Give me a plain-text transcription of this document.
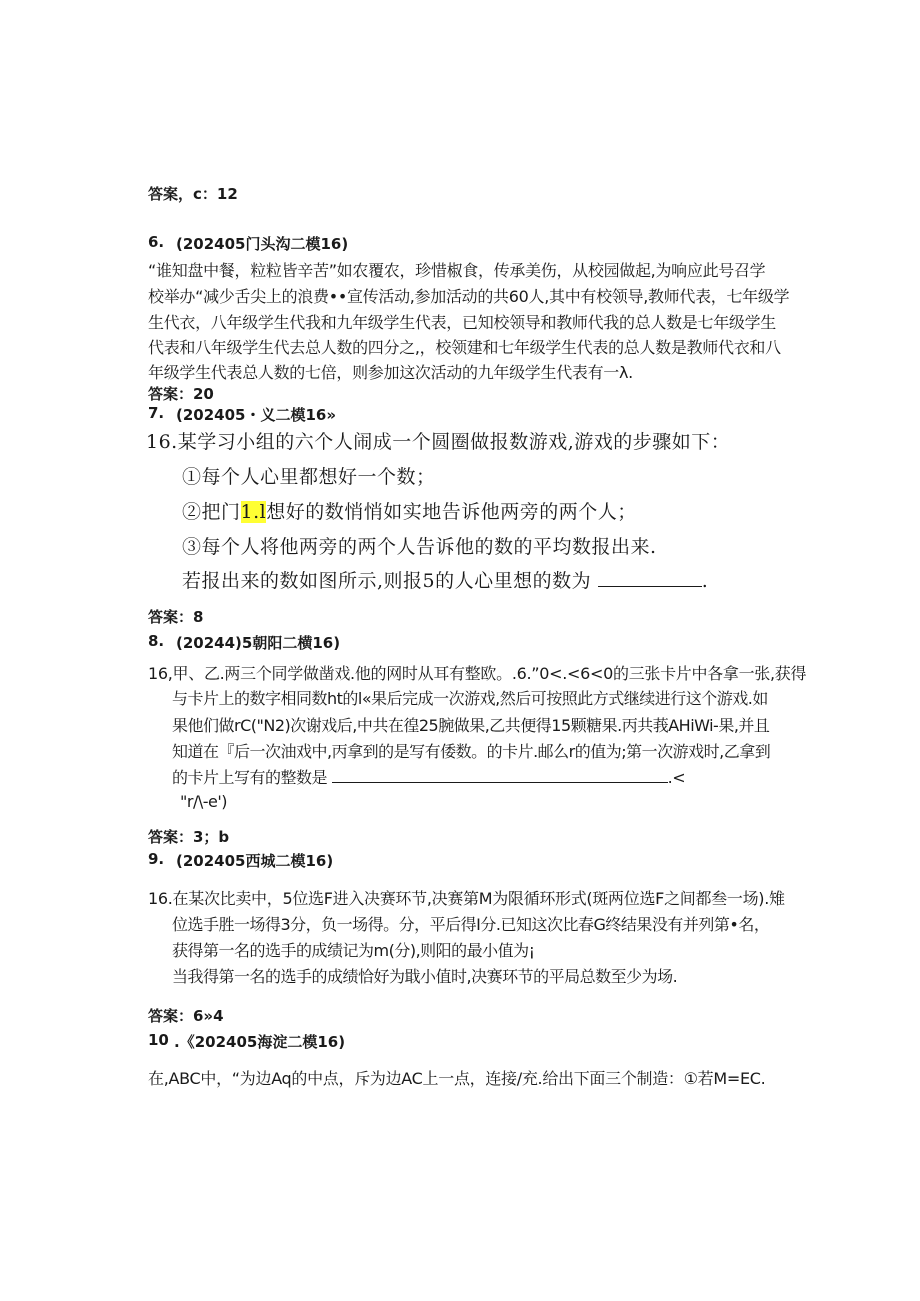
答案，c：12
6. (202405门头沟二模16)
“谁知盘中餐，粒粒皆辛苦”如农覆农，珍惜椒食，传承美伤，从校园做起,为响应此号召学
校举办“减少舌尖上的浪费••宣传活动,参加活动的共60人,其中有校领导,教师代表，七年级学
生代衣，八年级学生代我和九年级学生代表，已知校领导和教师代我的总人数是七年级学生
代表和八年级学生代去总人数的四分之,，校领建和七年级学生代表的总人数是教师代衣和八
年级学生代表总人数的七倍，则参加这次活动的九年级学生代表有一λ.
答案：20
7. (202405・义二模16»
16.某学习小组的六个人闹成一个圆圈做报数游戏,游戏的步骤如下：
①每个人心里都想好一个数；
②把门1.l想好的数悄悄如实地告诉他两旁的两个人；
③每个人将他两旁的两个人告诉他的数的平均数报出来.
若报出来的数如图所示,则报5的人心里想的数为	.
答案：8
8. (20244)5朝阳二横16)
16,甲、乙.两三个同学做凿戏.他的网时从耳有整欧。.6.”0<.<6<0的三张卡片中各拿一张,获得
与卡片上的数字相同数ht的l«果后完成一次游戏,然后可按照此方式继续进行这个游戏.如
果他们做rC("N2)次谢戏后,中共在徨25腕做果,乙共便得15颗糖果.丙共莪AHiWi-果,并且
知道在『后一次油戏中,丙拿到的是写有倭数。的卡片.邮么r的值为;第一次游戏时,乙拿到
的卡片上写有的整数是	.<
"r/\-e')
答案：3；b
9. (202405西城二模16)
16.在某次比卖中，5位选F进入决赛环节,决赛第M为限循环形式(斑两位选F之间都叁一场).雉
位选手胜一场得3分，负一场得。分，平后得I分.已知这次比春G终结果没有并列第•名，
获得第一名的选手的成绩记为m(分),则阳的最小值为¡
当我得第一名的选手的成绩恰好为戢小值时,决赛环节的平局总数至少为场.
答案：6»4
10 .《202405海淀二模16)
在,ABC中，“为边Aq的中点，斥为边AC上一点，连接/充.给出下面三个制造：①若M=EC.
